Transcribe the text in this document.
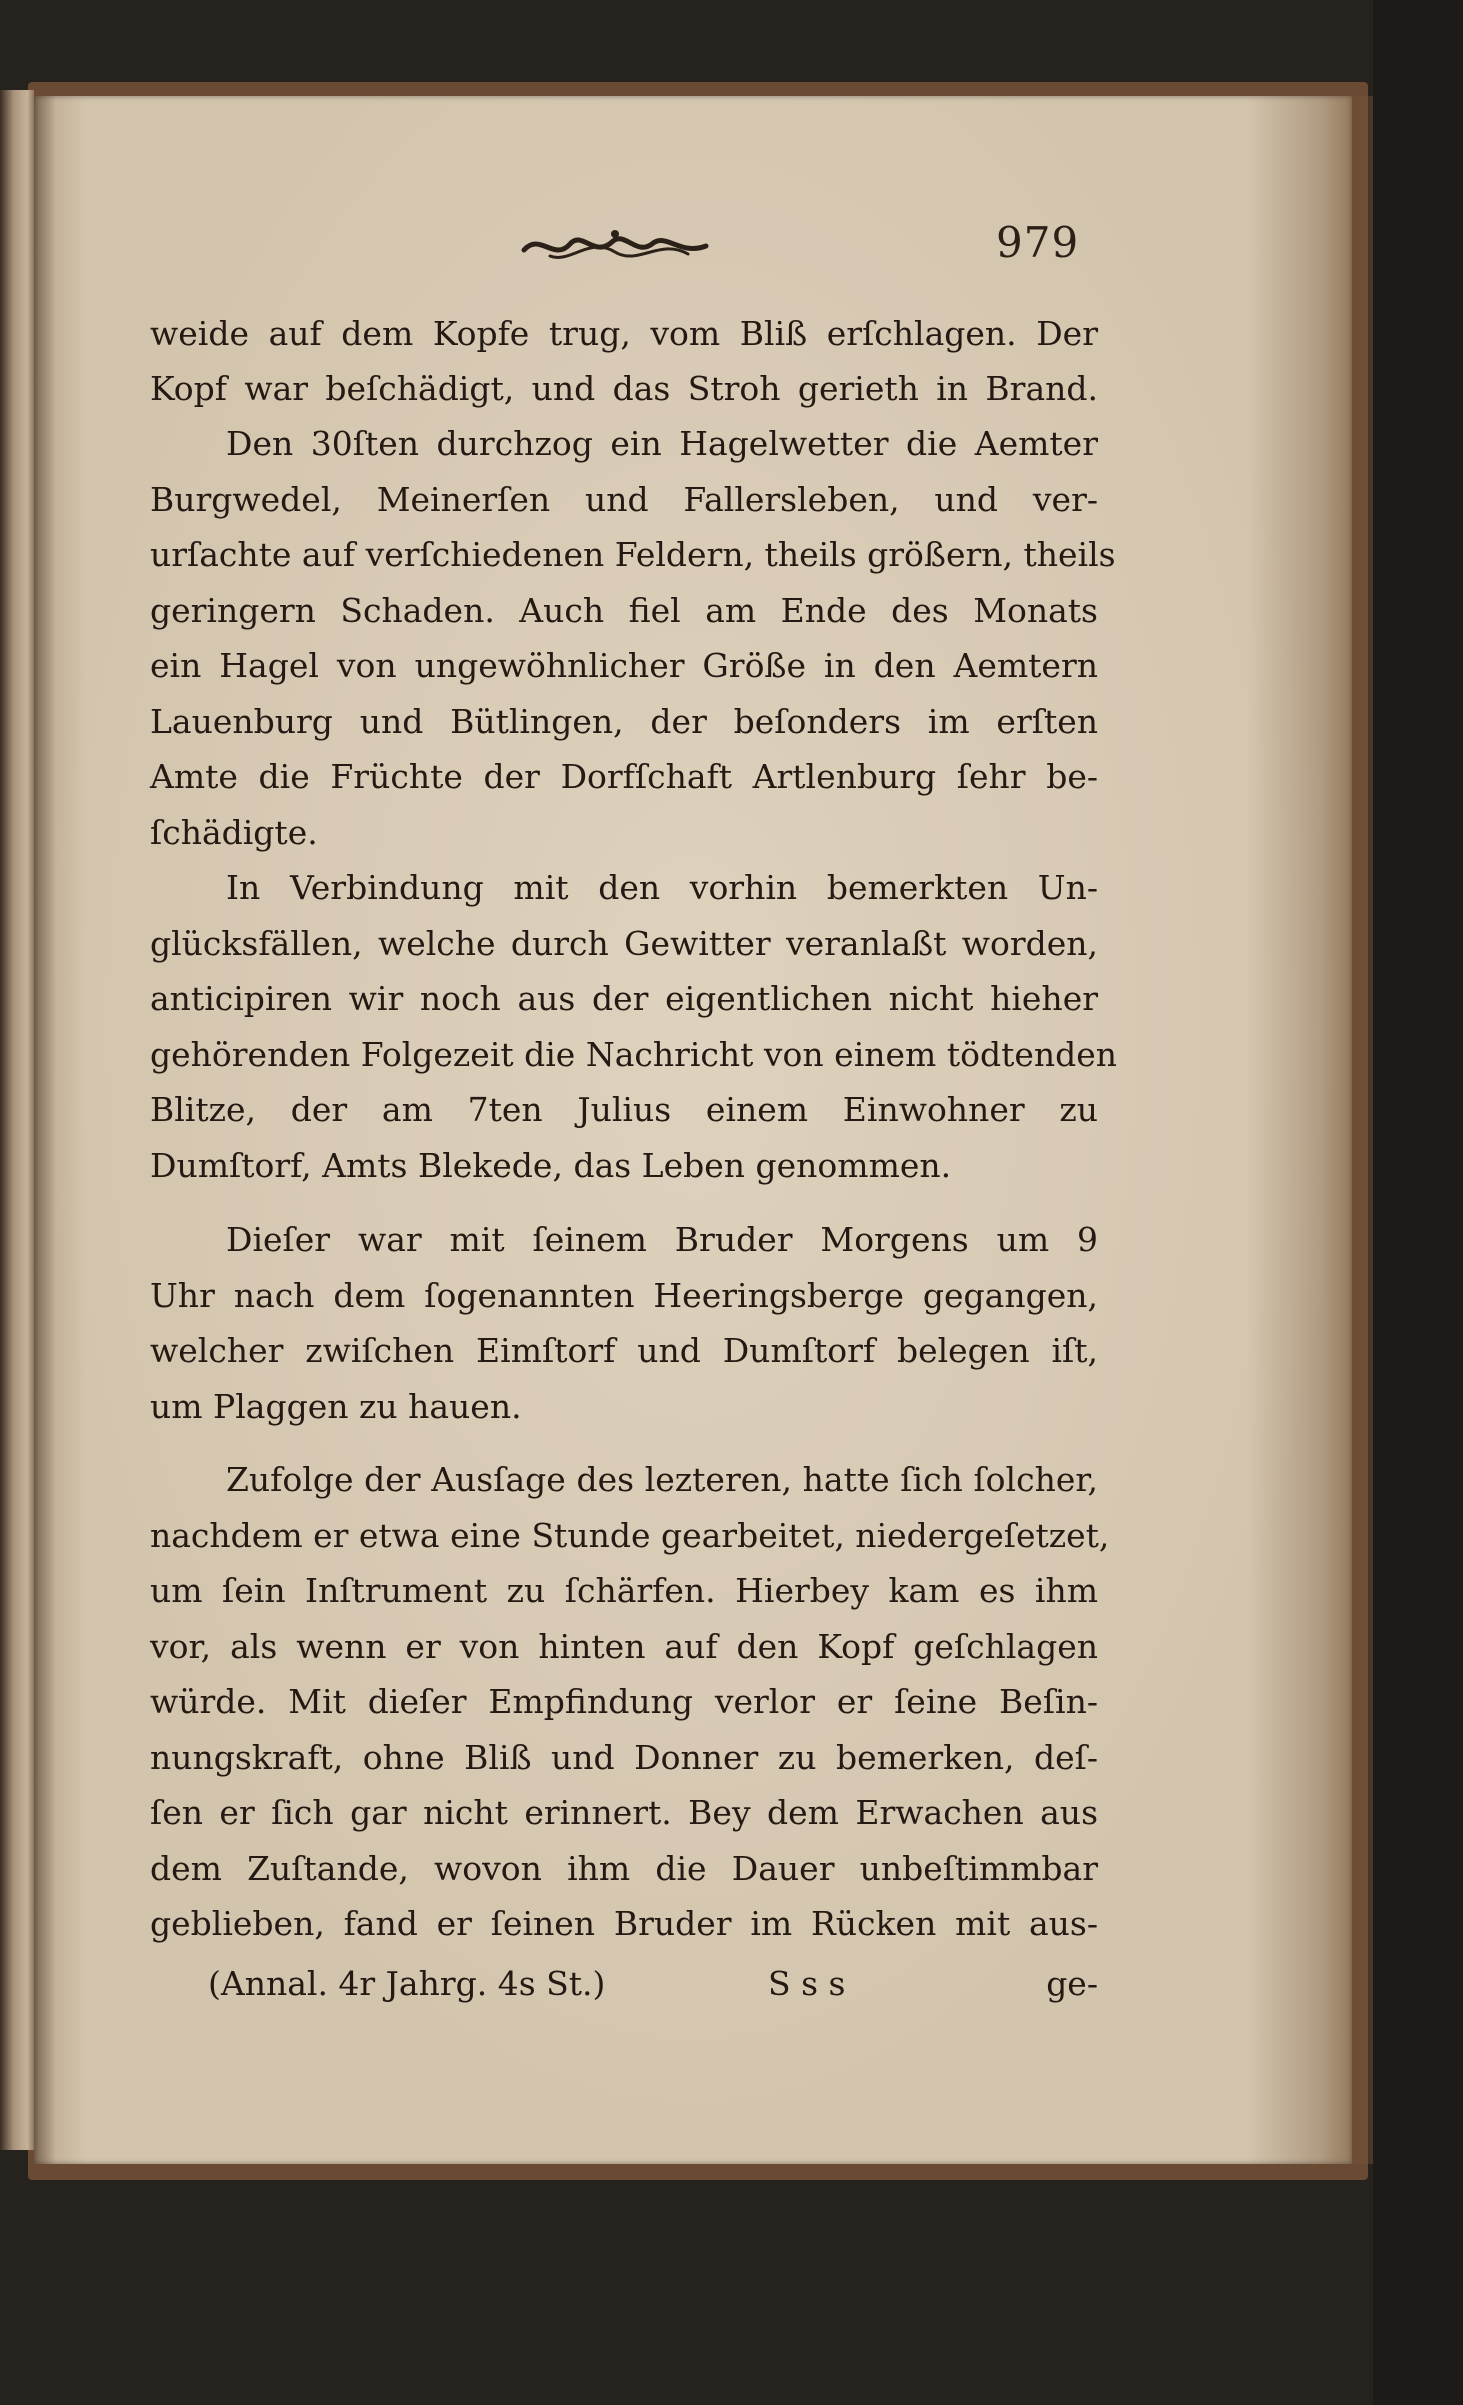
979
weide auf dem Kopfe trug, vom Bliß erſchlagen. Der
Kopf war beſchädigt, und das Stroh gerieth in Brand.
Den 30ſten durchzog ein Hagelwetter die Aemter
Burgwedel, Meinerſen und Fallersleben, und ver-
urſachte auf verſchiedenen Feldern, theils größern, theils
geringern Schaden. Auch fiel am Ende des Monats
ein Hagel von ungewöhnlicher Größe in den Aemtern
Lauenburg und Bütlingen, der beſonders im erſten
Amte die Früchte der Dorfſchaft Artlenburg ſehr be-
ſchädigte.
In Verbindung mit den vorhin bemerkten Un-
glücksfällen, welche durch Gewitter veranlaßt worden,
anticipiren wir noch aus der eigentlichen nicht hieher
gehörenden Folgezeit die Nachricht von einem tödtenden
Blitze, der am 7ten Julius einem Einwohner zu
Dumſtorf, Amts Blekede, das Leben genommen.
Dieſer war mit ſeinem Bruder Morgens um 9
Uhr nach dem ſogenannten Heeringsberge gegangen,
welcher zwiſchen Eimſtorf und Dumſtorf belegen iſt,
um Plaggen zu hauen.
Zufolge der Ausſage des lezteren, hatte ſich ſolcher,
nachdem er etwa eine Stunde gearbeitet, niedergeſetzet,
um ſein Inſtrument zu ſchärfen. Hierbey kam es ihm
vor, als wenn er von hinten auf den Kopf geſchlagen
würde. Mit dieſer Empfindung verlor er ſeine Beſin-
nungskraft, ohne Bliß und Donner zu bemerken, deſ-
ſen er ſich gar nicht erinnert. Bey dem Erwachen aus
dem Zuſtande, wovon ihm die Dauer unbeſtimmbar
geblieben, fand er ſeinen Bruder im Rücken mit aus-
(Annal. 4r Jahrg. 4s St.)	S s s	ge-
